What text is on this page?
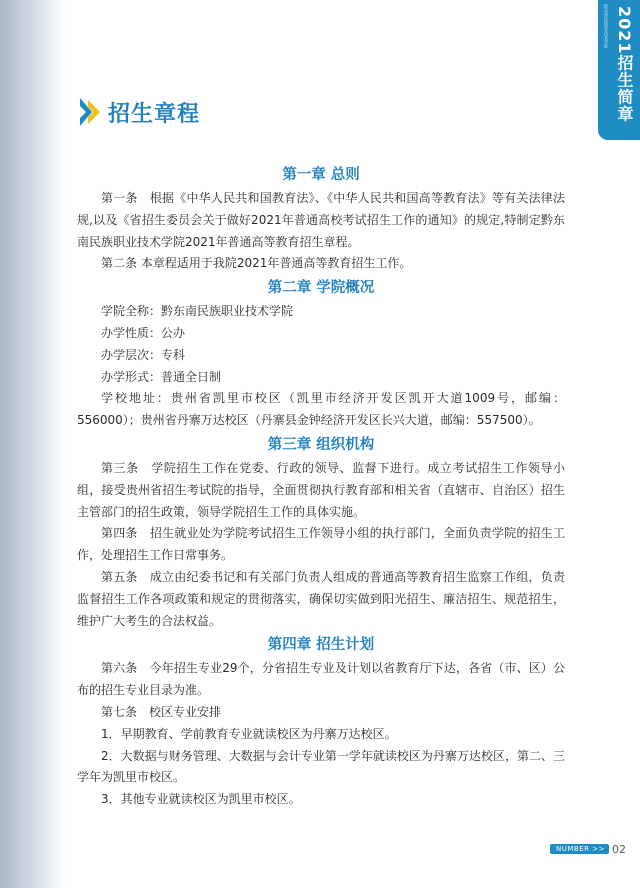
黔东南民族职业技术学院 2021招生简章
招生章程
第一章 总则

第一条　根据《中华人民共和国教育法》、《中华人民共和国高等教育法》等有关法律法规,以及《省招生委员会关于做好2021年普通高校考试招生工作的通知》的规定,特制定黔东南民族职业技术学院2021年普通高等教育招生章程。

第二条 本章程适用于我院2021年普通高等教育招生工作。

第二章 学院概况

学院全称：黔东南民族职业技术学院

办学性质：公办

办学层次：专科

办学形式：普通全日制

学校地址：贵州省凯里市校区（凯里市经济开发区凯开大道1009号，邮编：556000）；贵州省丹寨万达校区（丹寨县金钟经济开发区长兴大道，邮编：557500）。

第三章 组织机构

第三条　学院招生工作在党委、行政的领导、监督下进行。成立考试招生工作领导小组，接受贵州省招生考试院的指导，全面贯彻执行教育部和相关省（直辖市、自治区）招生主管部门的招生政策，领导学院招生工作的具体实施。

第四条　招生就业处为学院考试招生工作领导小组的执行部门，全面负责学院的招生工作，处理招生工作日常事务。

第五条　成立由纪委书记和有关部门负责人组成的普通高等教育招生监察工作组，负责监督招生工作各项政策和规定的贯彻落实，确保切实做到阳光招生、廉洁招生、规范招生，维护广大考生的合法权益。

第四章 招生计划

第六条　今年招生专业29个，分省招生专业及计划以省教育厅下达，各省（市、区）公布的招生专业目录为准。

第七条　校区专业安排

1．早期教育、学前教育专业就读校区为丹寨万达校区。

2．大数据与财务管理、大数据与会计专业第一学年就读校区为丹寨万达校区，第二、三学年为凯里市校区。

3．其他专业就读校区为凯里市校区。

NUMBER >> 02
